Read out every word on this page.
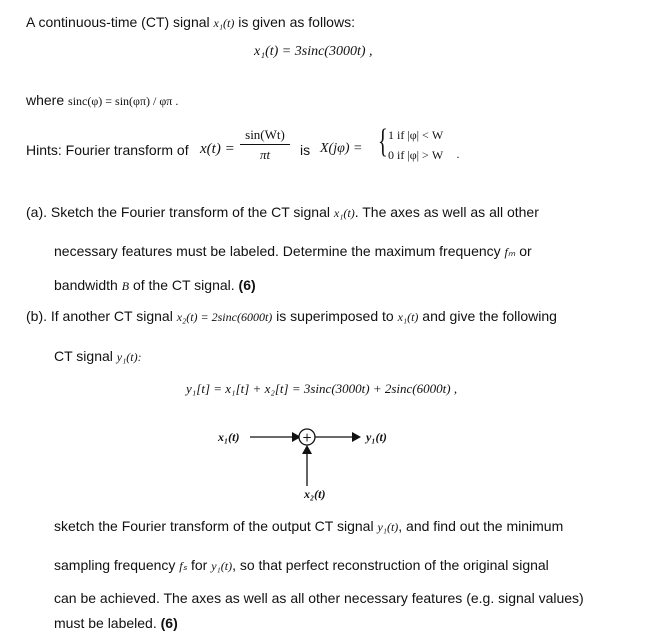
A continuous-time (CT) signal x₁(t) is given as follows:
x₁(t) = 3sinc(3000t) ,
where sinc(φ) = sin(φπ) / φπ .
Hints: Fourier transform of $x(t) = \frac{\sin(Wt)}{\pi t}$ is X(jφ) = { 1 if |φ| < W
0 if |φ| > W ·
(a). Sketch the Fourier transform of the CT signal x₁(t). The axes as well as all other
necessary features must be labeled. Determine the maximum frequency fₘ or
bandwidth B of the CT signal. (6)
(b). If another CT signal x₂(t) = 2sinc(6000t) is superimposed to x₁(t) and give the following
CT signal y₁(t):
y₁[t] = x₁[t] + x₂[t] = 3sinc(3000t) + 2sinc(6000t) ,
x₁(t)	y₁(t)
x₂(t)
+
sketch the Fourier transform of the output CT signal y₁(t), and find out the minimum
sampling frequency fₛ for y₁(t), so that perfect reconstruction of the original signal
can be achieved. The axes as well as all other necessary features (e.g. signal values)
must be labeled. (6)
